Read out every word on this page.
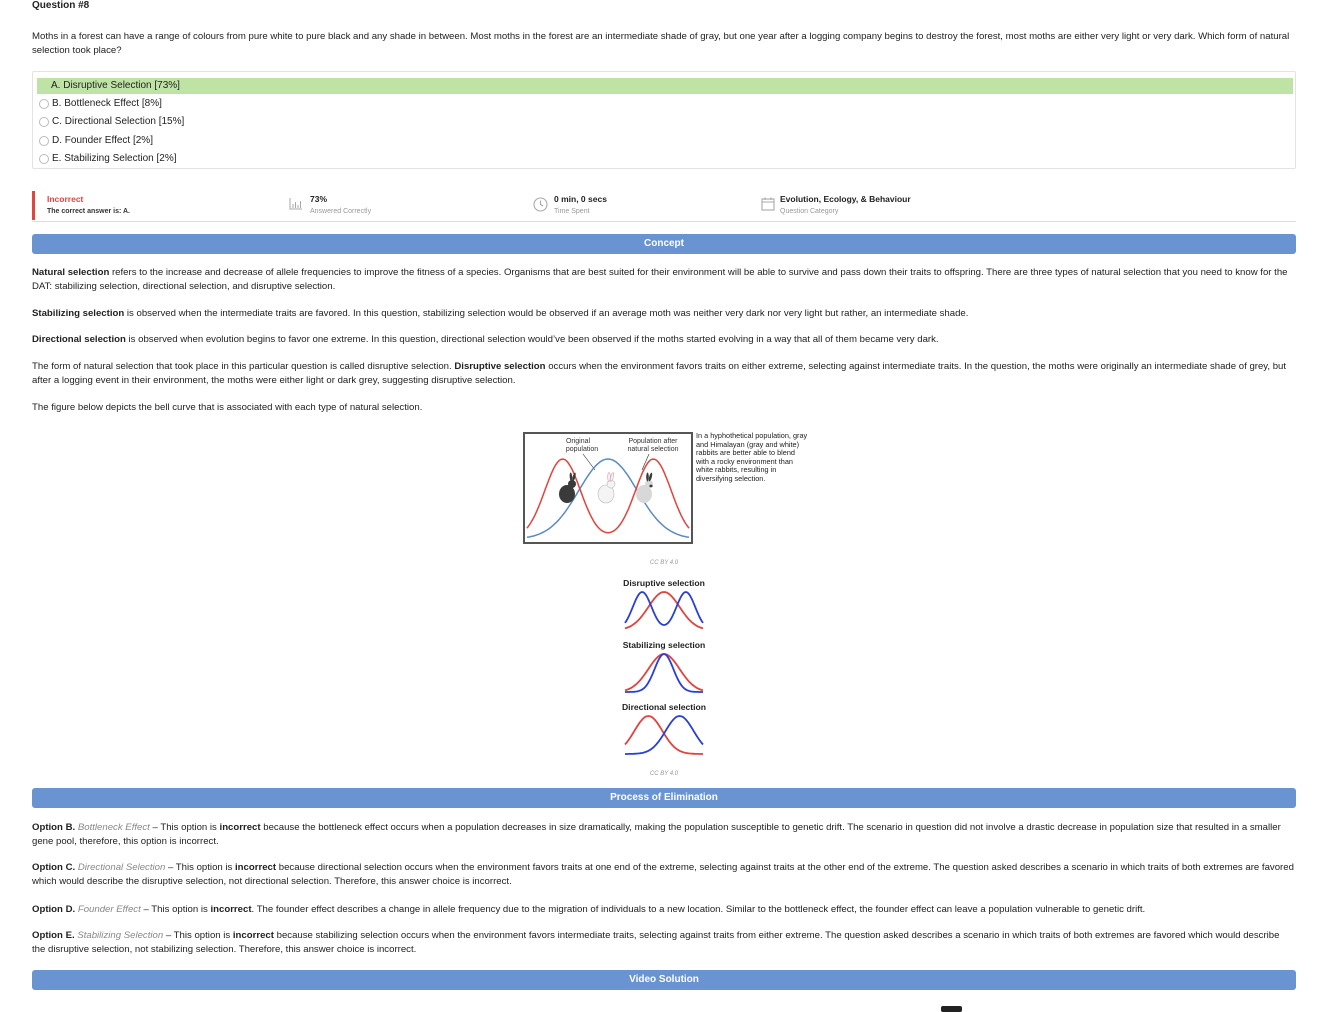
Question #8
Moths in a forest can have a range of colours from pure white to pure black and any shade in between. Most moths in the forest are an intermediate shade of gray, but one year after a logging company begins to destroy the forest, most moths are either very light or very dark. Which form of natural selection took place?
A. Disruptive Selection [73%]
B. Bottleneck Effect [8%]
C. Directional Selection [15%]
D. Founder Effect [2%]
E. Stabilizing Selection [2%]
Incorrect
The correct answer is: A.
73%
Answered Correctly
0 min, 0 secs
Time Spent
Evolution, Ecology, & Behaviour
Question Category
Concept
Natural selection refers to the increase and decrease of allele frequencies to improve the fitness of a species. Organisms that are best suited for their environment will be able to survive and pass down their traits to offspring. There are three types of natural selection that you need to know for the DAT: stabilizing selection, directional selection, and disruptive selection.
Stabilizing selection is observed when the intermediate traits are favored. In this question, stabilizing selection would be observed if an average moth was neither very dark nor very light but rather, an intermediate shade.
Directional selection is observed when evolution begins to favor one extreme. In this question, directional selection would’ve been observed if the moths started evolving in a way that all of them became very dark.
The form of natural selection that took place in this particular question is called disruptive selection. Disruptive selection occurs when the environment favors traits on either extreme, selecting against intermediate traits. In the question, the moths were originally an intermediate shade of grey, but after a logging event in their environment, the moths were either light or dark grey, suggesting disruptive selection.
The figure below depicts the bell curve that is associated with each type of natural selection.
Original
population
Population after
natural selection
In a hyphothetical population, gray and Himalayan (gray and white) rabbits are better able to blend with a rocky environment than white rabbits, resulting in diversifying selection.
CC BY 4.0
Disruptive selection
Stabilizing selection
Directional selection
CC BY 4.0
Process of Elimination
Option B. Bottleneck Effect – This option is incorrect because the bottleneck effect occurs when a population decreases in size dramatically, making the population susceptible to genetic drift. The scenario in question did not involve a drastic decrease in population size that resulted in a smaller gene pool, therefore, this option is incorrect.
Option C. Directional Selection – This option is incorrect because directional selection occurs when the environment favors traits at one end of the extreme, selecting against traits at the other end of the extreme. The question asked describes a scenario in which traits of both extremes are favored which would describe the disruptive selection, not directional selection. Therefore, this answer choice is incorrect.
Option D. Founder Effect – This option is incorrect. The founder effect describes a change in allele frequency due to the migration of individuals to a new location. Similar to the bottleneck effect, the founder effect can leave a population vulnerable to genetic drift.
Option E. Stabilizing Selection – This option is incorrect because stabilizing selection occurs when the environment favors intermediate traits, selecting against traits from either extreme. The question asked describes a scenario in which traits of both extremes are favored which would describe the disruptive selection, not stabilizing selection. Therefore, this answer choice is incorrect.
Video Solution
